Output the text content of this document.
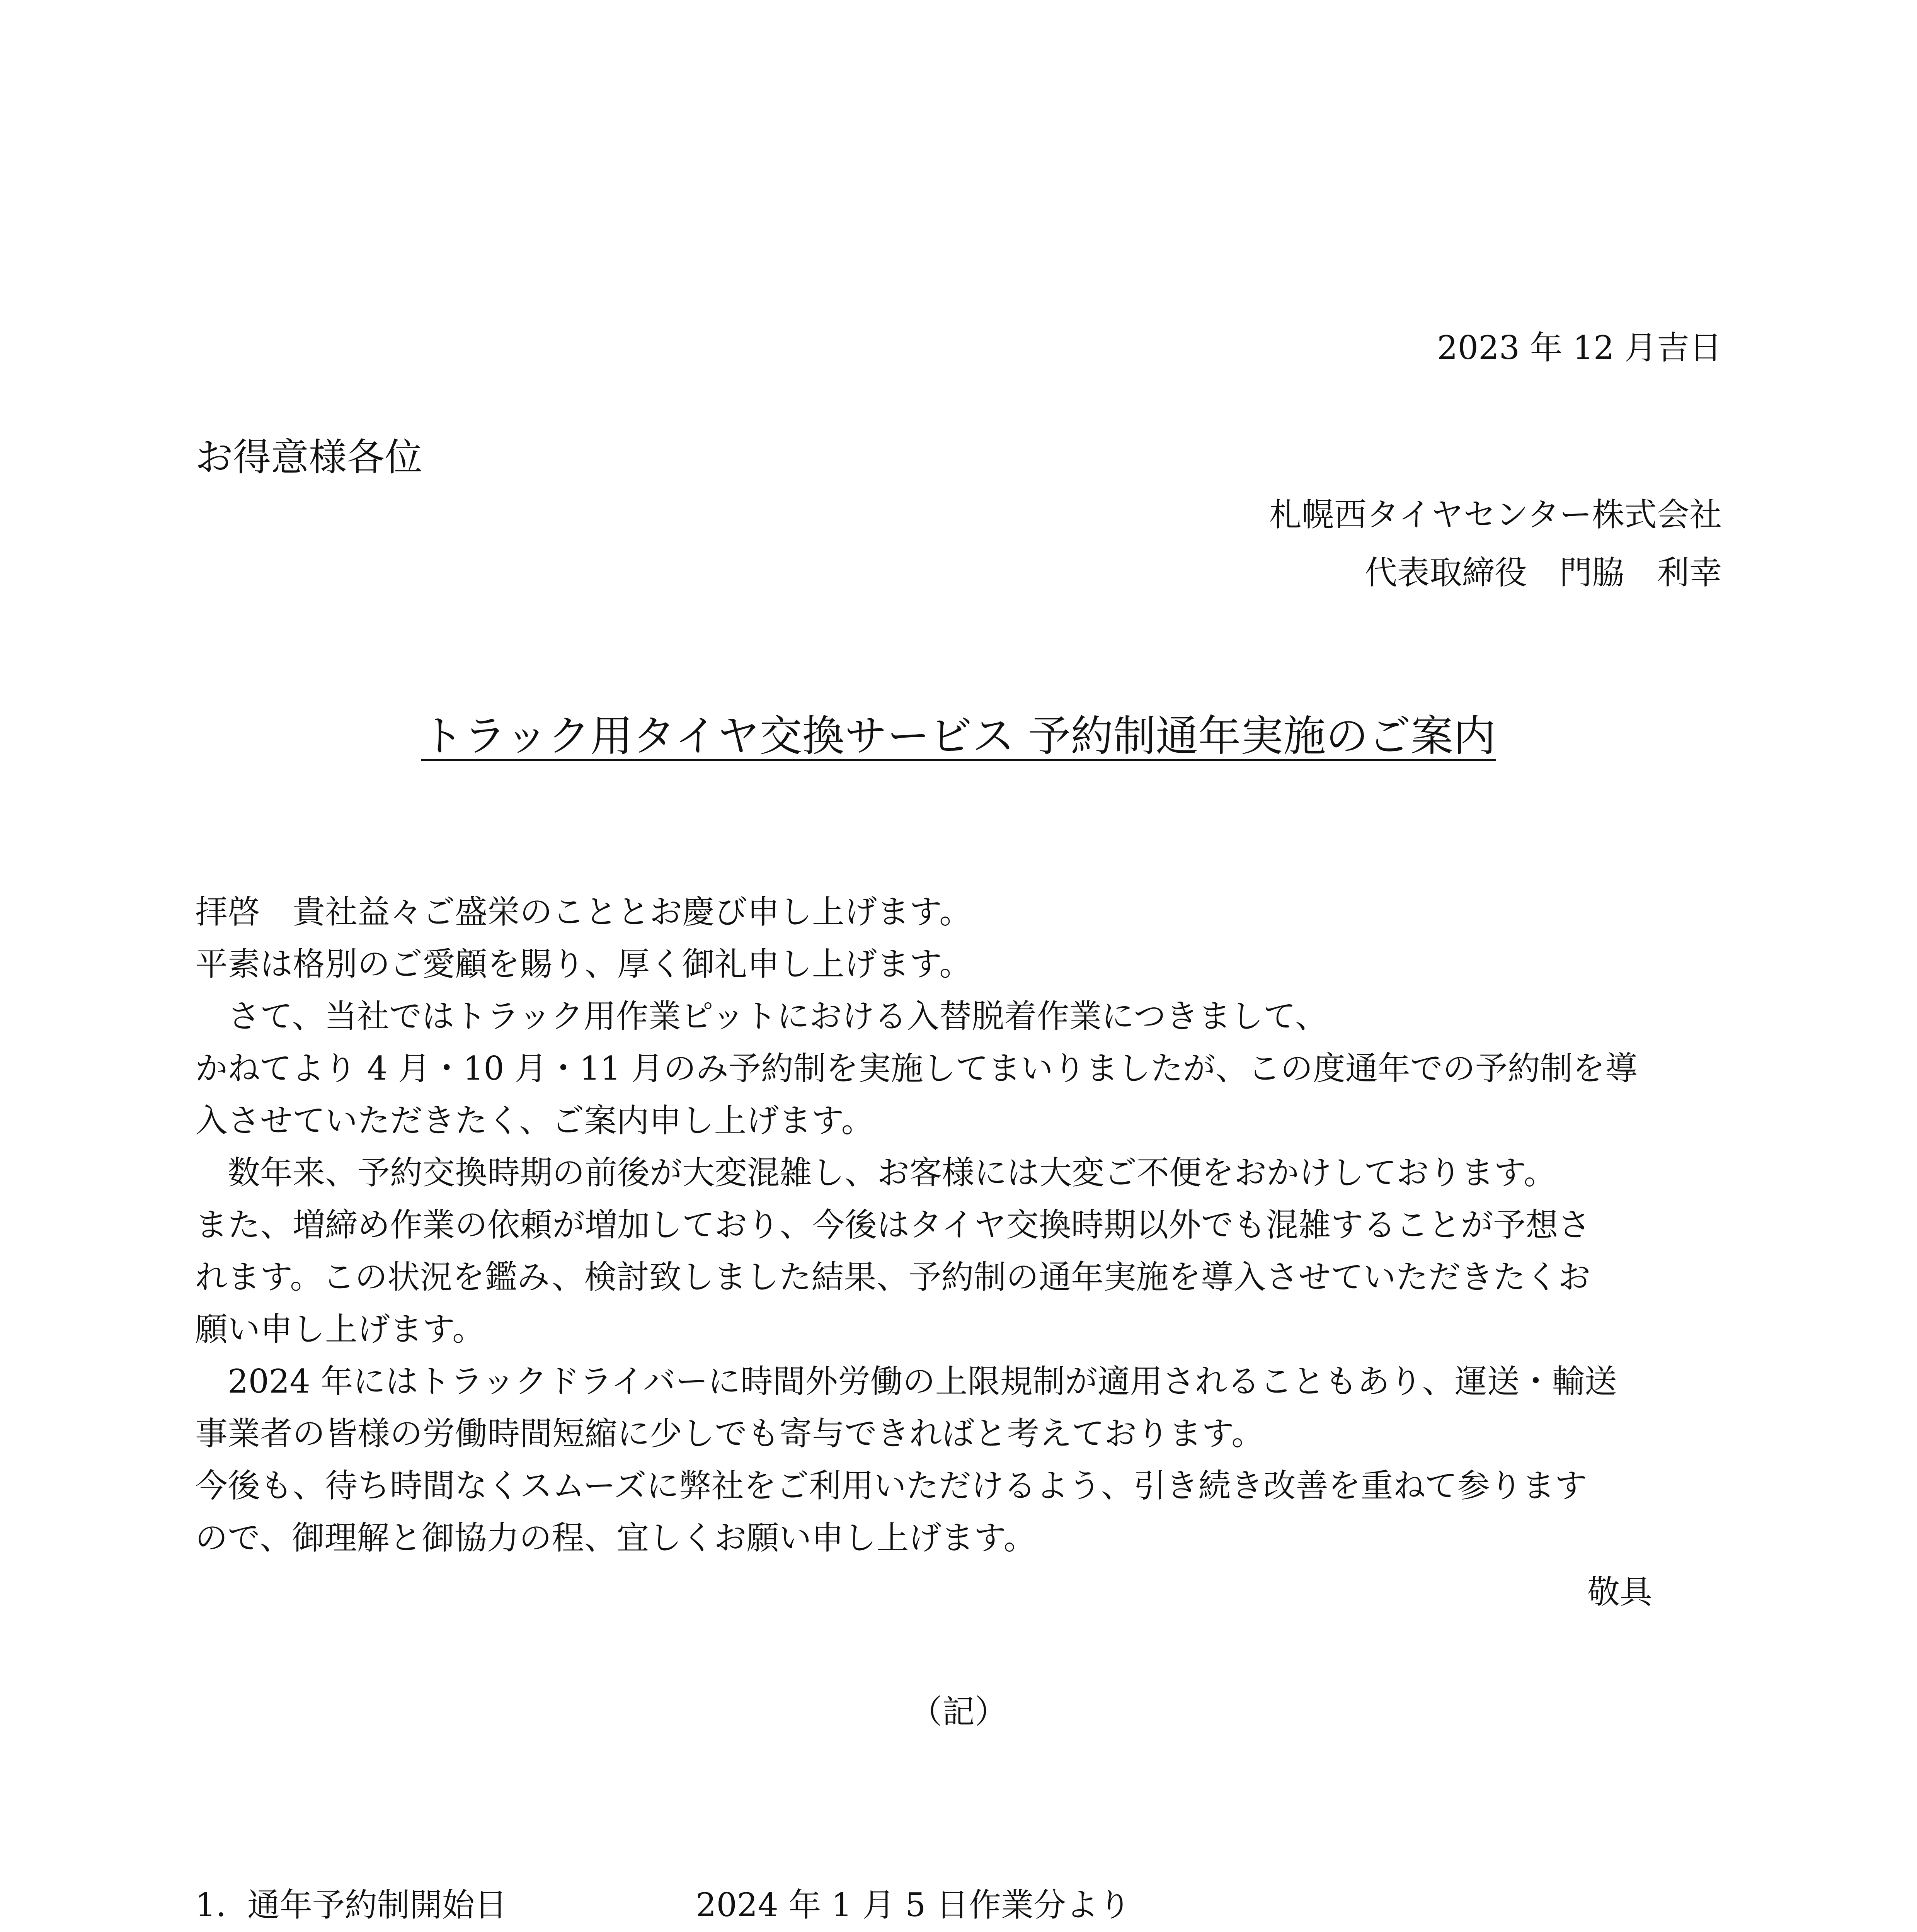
2023 年 12 月吉日
お得意様各位
札幌西タイヤセンター株式会社
代表取締役　門脇　利幸
トラック用タイヤ交換サービス 予約制通年実施のご案内
拝啓　貴社益々ご盛栄のこととお慶び申し上げます。
平素は格別のご愛顧を賜り、厚く御礼申し上げます。
　さて、当社ではトラック用作業ピットにおける入替脱着作業につきまして、
かねてより 4 月・10 月・11 月のみ予約制を実施してまいりましたが、この度通年での予約制を導
入させていただきたく、ご案内申し上げます。
　数年来、予約交換時期の前後が大変混雑し、お客様には大変ご不便をおかけしております。
また、増締め作業の依頼が増加しており、今後はタイヤ交換時期以外でも混雑することが予想さ
れます。この状況を鑑み、検討致しました結果、予約制の通年実施を導入させていただきたくお
願い申し上げます。
　2024 年にはトラックドライバーに時間外労働の上限規制が適用されることもあり、運送・輸送
事業者の皆様の労働時間短縮に少しでも寄与できればと考えております。
今後も、待ち時間なくスムーズに弊社をご利用いただけるよう、引き続き改善を重ねて参ります
ので、御理解と御協力の程、宜しくお願い申し上げます。
敬具
（記）
1. 通年予約制開始日	2024 年 1 月 5 日作業分より
